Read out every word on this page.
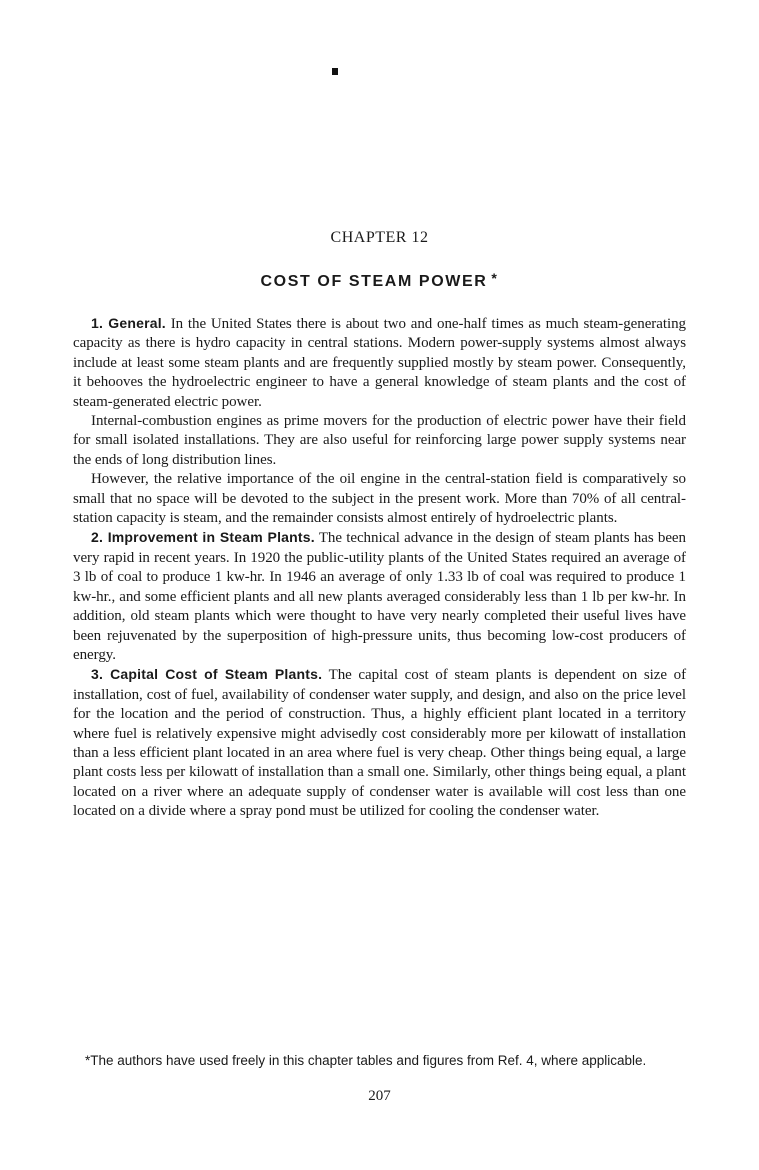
CHAPTER 12
COST OF STEAM POWER *

1. General. In the United States there is about two and one-half times as much steam-generating capacity as there is hydro capacity in central stations. Modern power-supply systems almost always include at least some steam plants and are frequently supplied mostly by steam power. Consequently, it behooves the hydroelectric engineer to have a general knowledge of steam plants and the cost of steam-generated electric power.

Internal-combustion engines as prime movers for the production of electric power have their field for small isolated installations. They are also useful for reinforcing large power supply systems near the ends of long distribution lines.

However, the relative importance of the oil engine in the central-station field is comparatively so small that no space will be devoted to the subject in the present work. More than 70% of all central-station capacity is steam, and the remainder consists almost entirely of hydroelectric plants.

2. Improvement in Steam Plants. The technical advance in the design of steam plants has been very rapid in recent years. In 1920 the public-utility plants of the United States required an average of 3 lb of coal to produce 1 kw-hr. In 1946 an average of only 1.33 lb of coal was required to produce 1 kw-hr., and some efficient plants and all new plants averaged considerably less than 1 lb per kw-hr. In addition, old steam plants which were thought to have very nearly completed their useful lives have been rejuvenated by the superposition of high-pressure units, thus becoming low-cost producers of energy.

3. Capital Cost of Steam Plants. The capital cost of steam plants is dependent on size of installation, cost of fuel, availability of condenser water supply, and design, and also on the price level for the location and the period of construction. Thus, a highly efficient plant located in a territory where fuel is relatively expensive might advisedly cost considerably more per kilowatt of installation than a less efficient plant located in an area where fuel is very cheap. Other things being equal, a large plant costs less per kilowatt of installation than a small one. Similarly, other things being equal, a plant located on a river where an adequate supply of condenser water is available will cost less than one located on a divide where a spray pond must be utilized for cooling the condenser water.

*The authors have used freely in this chapter tables and figures from Ref. 4, where applicable.

207
